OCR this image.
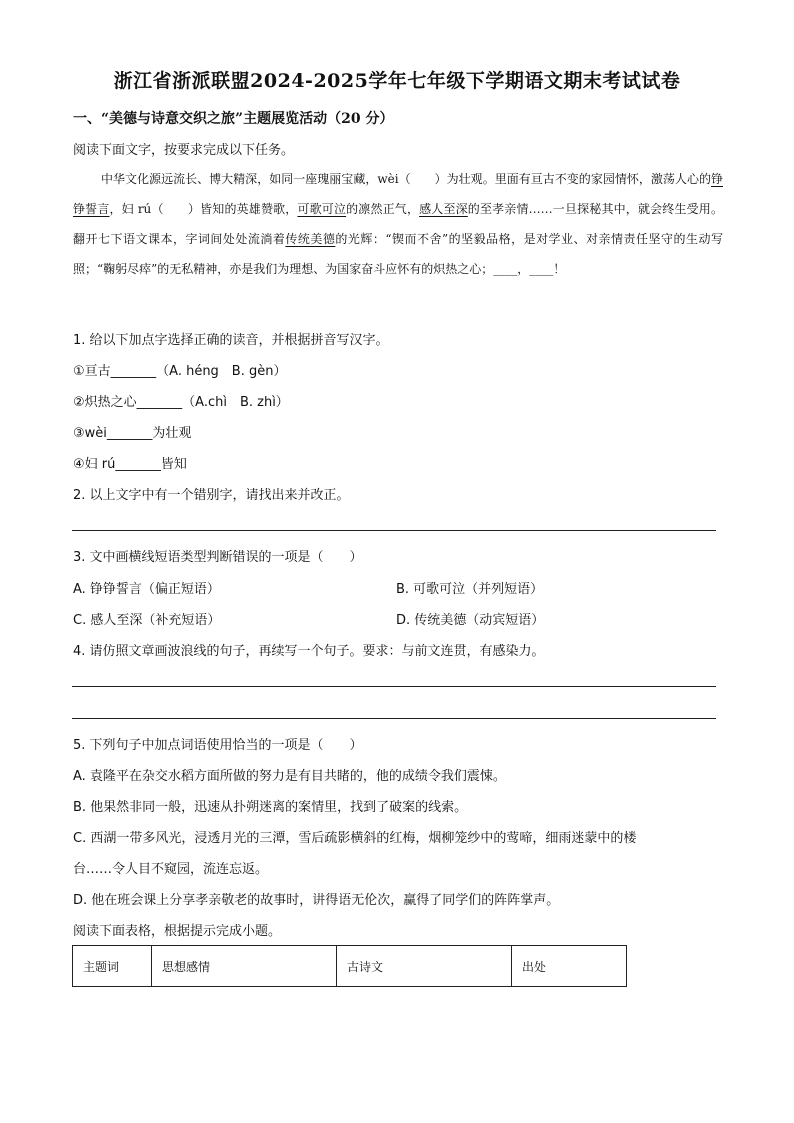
浙江省浙派联盟2024-2025学年七年级下学期语文期末考试试卷
一、“美德与诗意交织之旅”主题展览活动（20 分）
阅读下面文字，按要求完成以下任务。
中华文化源远流长、博大精深，如同一座瑰丽宝藏，wèi（　　）为壮观。里面有亘古不变的家园情怀，激荡人心的铮铮誓言，妇 rú（　　）皆知的英雄赞歌，可歌可泣的凛然正气，感人至深的至孝亲情……一旦探秘其中，就会终生受用。翻开七下语文课本，字词间处处流淌着传统美德的光辉：“锲而不舍”的坚毅品格，是对学业、对亲情责任坚守的生动写照；“鞠躬尽瘁”的无私精神，亦是我们为理想、为国家奋斗应怀有的炽热之心；____，____！
1. 给以下加点字选择正确的读音，并根据拼音写汉字。
①亘古_______（A. héng　B. gèn）
②炽热之心_______（A.chì　B. zhì）
③wèi_______为壮观
④妇 rú_______皆知
2. 以上文字中有一个错别字，请找出来并改正。
3. 文中画横线短语类型判断错误的一项是（　　）
A. 铮铮誓言（偏正短语）	B. 可歌可泣（并列短语）
C. 感人至深（补充短语）	D. 传统美德（动宾短语）
4. 请仿照文章画波浪线的句子，再续写一个句子。要求：与前文连贯，有感染力。
5. 下列句子中加点词语使用恰当的一项是（　　）
A. 袁隆平在杂交水稻方面所做的努力是有目共睹的，他的成绩令我们震悚。
B. 他果然非同一般，迅速从扑朔迷离的案情里，找到了破案的线索。
C. 西湖一带多风光，浸透月光的三潭，雪后疏影横斜的红梅，烟柳笼纱中的莺啼，细雨迷蒙中的楼
台……令人目不窥园，流连忘返。
D. 他在班会课上分享孝亲敬老的故事时，讲得语无伦次，赢得了同学们的阵阵掌声。
阅读下面表格，根据提示完成小题。
主题词	思想感情	古诗文	出处
